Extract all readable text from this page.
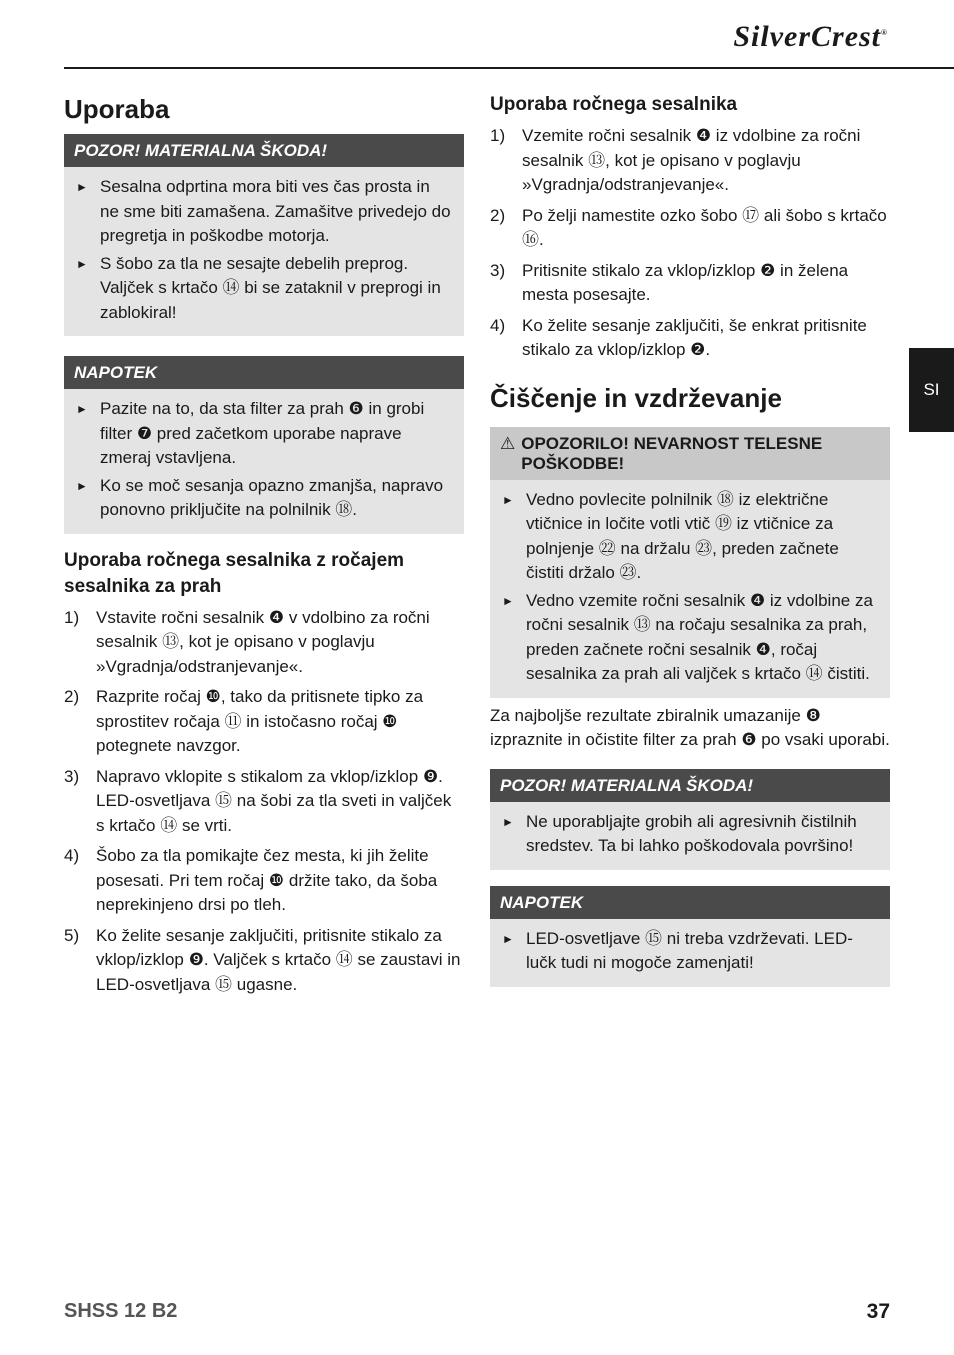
SilverCrest®
SI
Uporaba
POZOR! MATERIALNA ŠKODA!
► Sesalna odprtina mora biti ves čas prosta in ne sme biti zamašena. Zamašitve privedejo do pregretja in poškodbe motorja.
► S šobo za tla ne sesajte debelih preprog. Valjček s krtačo ⑭ bi se zataknil v preprogi in zablokiral!
NAPOTEK
► Pazite na to, da sta filter za prah ❻ in grobi filter ❼ pred začetkom uporabe naprave zmeraj vstavljena.
► Ko se moč sesanja opazno zmanjša, napravo ponovno priključite na polnilnik ⑱.
Uporaba ročnega sesalnika z ročajem sesalnika za prah
1) Vstavite ročni sesalnik ❹ v vdolbino za ročni sesalnik ⑬, kot je opisano v poglavju »Vgradnja/odstranjevanje«.
2) Razprite ročaj ❿, tako da pritisnete tipko za sprostitev ročaja ⑪ in istočasno ročaj ❿ potegnete navzgor.
3) Napravo vklopite s stikalom za vklop/izklop ❾. LED-osvetljava ⑮ na šobi za tla sveti in valjček s krtačo ⑭ se vrti.
4) Šobo za tla pomikajte čez mesta, ki jih želite posesati. Pri tem ročaj ❿ držite tako, da šoba neprekinjeno drsi po tleh.
5) Ko želite sesanje zaključiti, pritisnite stikalo za vklop/izklop ❾. Valjček s krtačo ⑭ se zaustavi in LED-osvetljava ⑮ ugasne.
Uporaba ročnega sesalnika
1) Vzemite ročni sesalnik ❹ iz vdolbine za ročni sesalnik ⑬, kot je opisano v poglavju »Vgradnja/odstranjevanje«.
2) Po želji namestite ozko šobo ⑰ ali šobo s krtačo ⑯.
3) Pritisnite stikalo za vklop/izklop ❷ in želena mesta posesajte.
4) Ko želite sesanje zaključiti, še enkrat pritisnite stikalo za vklop/izklop ❷.
Čiščenje in vzdrževanje
⚠ OPOZORILO! NEVARNOST TELESNE POŠKODBE!
► Vedno povlecite polnilnik ⑱ iz električne vtičnice in ločite votli vtič ⑲ iz vtičnice za polnjenje ㉒ na držalu ㉓, preden začnete čistiti držalo ㉓.
► Vedno vzemite ročni sesalnik ❹ iz vdolbine za ročni sesalnik ⑬ na ročaju sesalnika za prah, preden začnete ročni sesalnik ❹, ročaj sesalnika za prah ali valjček s krtačo ⑭ čistiti.

Za najboljše rezultate zbiralnik umazanije ❽ izpraznite in očistite filter za prah ❻ po vsaki uporabi.

POZOR! MATERIALNA ŠKODA!
► Ne uporabljajte grobih ali agresivnih čistilnih sredstev. Ta bi lahko poškodovala površino!
NAPOTEK
► LED-osvetljave ⑮ ni treba vzdrževati. LED-lučk tudi ni mogoče zamenjati!
SHSS 12 B2	37
